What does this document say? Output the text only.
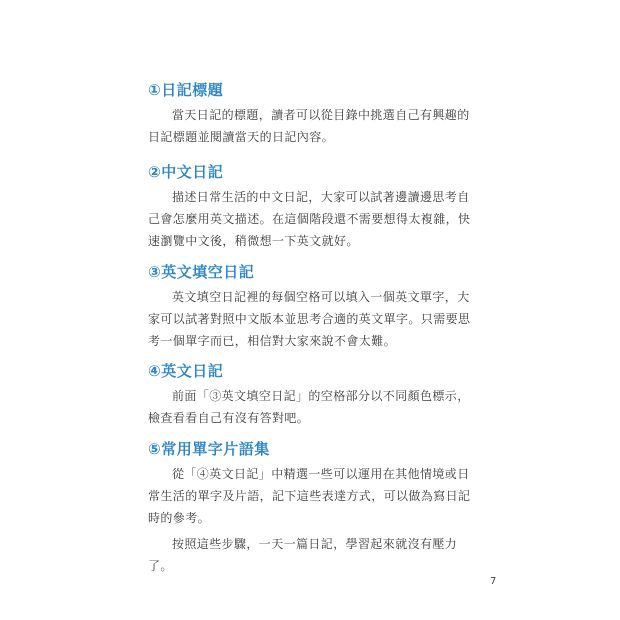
①日記標題

當天日記的標題，讀者可以從目錄中挑選自己有興趣的日記標題並閱讀當天的日記內容。

②中文日記

描述日常生活的中文日記，大家可以試著邊讀邊思考自己會怎麼用英文描述。在這個階段還不需要想得太複雜，快速瀏覽中文後，稍微想一下英文就好。

③英文填空日記

英文填空日記裡的每個空格可以填入一個英文單字，大家可以試著對照中文版本並思考合適的英文單字。只需要思考一個單字而已，相信對大家來說不會太難。

④英文日記

前面「③英文填空日記」的空格部分以不同顏色標示，檢查看看自己有沒有答對吧。

⑤常用單字片語集

從「④英文日記」中精選一些可以運用在其他情境或日常生活的單字及片語，記下這些表達方式，可以做為寫日記時的參考。

按照這些步驟，一天一篇日記，學習起來就沒有壓力了。

7
